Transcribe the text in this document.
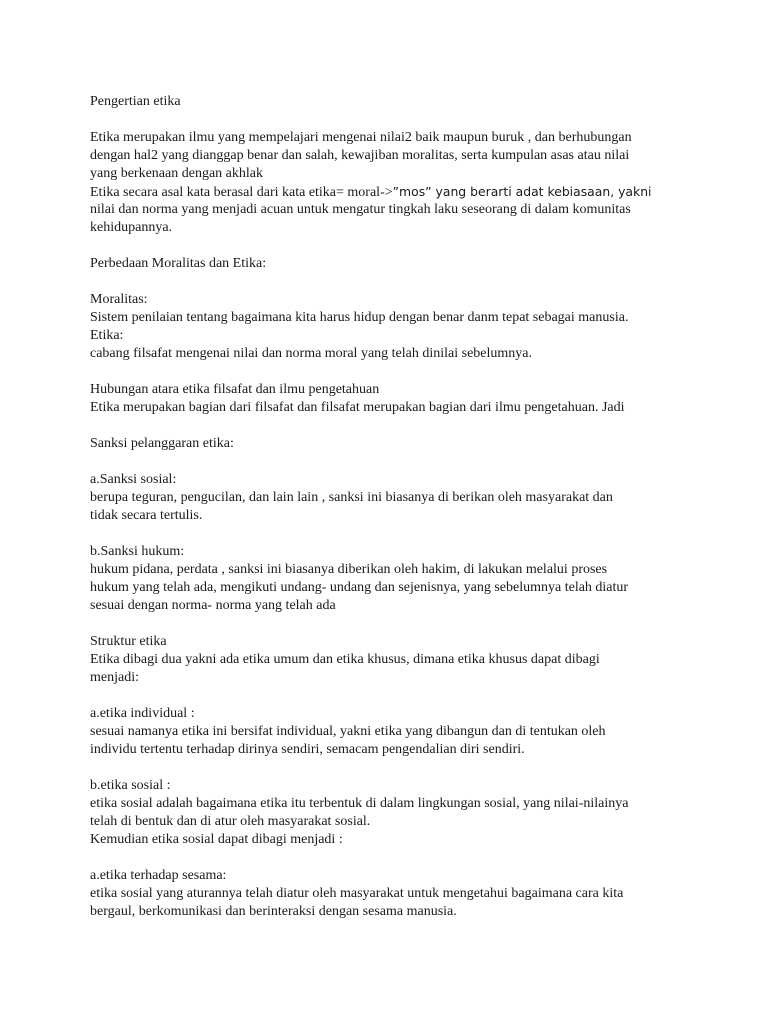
Pengertian etika
Etika merupakan ilmu yang mempelajari mengenai nilai2 baik maupun buruk , dan berhubungan
dengan hal2 yang dianggap benar dan salah, kewajiban moralitas, serta kumpulan asas atau nilai
yang berkenaan dengan akhlak
Etika secara asal kata berasal dari kata etika= moral->”mos” yang berarti adat kebiasaan, yakni
nilai dan norma yang menjadi acuan untuk mengatur tingkah laku seseorang di dalam komunitas
kehidupannya.
Perbedaan Moralitas dan Etika:
Moralitas:
Sistem penilaian tentang bagaimana kita harus hidup dengan benar danm tepat sebagai manusia.
Etika:
cabang filsafat mengenai nilai dan norma moral yang telah dinilai sebelumnya.
Hubungan atara etika filsafat dan ilmu pengetahuan
Etika merupakan bagian dari filsafat dan filsafat merupakan bagian dari ilmu pengetahuan. Jadi
Sanksi pelanggaran etika:
a.Sanksi sosial:
berupa teguran, pengucilan, dan lain lain , sanksi ini biasanya di berikan oleh masyarakat dan
tidak secara tertulis.
b.Sanksi hukum:
hukum pidana, perdata , sanksi ini biasanya diberikan oleh hakim, di lakukan melalui proses
hukum yang telah ada, mengikuti undang- undang dan sejenisnya, yang sebelumnya telah diatur
sesuai dengan norma- norma yang telah ada
Struktur etika
Etika dibagi dua yakni ada etika umum dan etika khusus, dimana etika khusus dapat dibagi
menjadi:
a.etika individual :
sesuai namanya etika ini bersifat individual, yakni etika yang dibangun dan di tentukan oleh
individu tertentu terhadap dirinya sendiri, semacam pengendalian diri sendiri.
b.etika sosial :
etika sosial adalah bagaimana etika itu terbentuk di dalam lingkungan sosial, yang nilai-nilainya
telah di bentuk dan di atur oleh masyarakat sosial.
Kemudian etika sosial dapat dibagi menjadi :
a.etika terhadap sesama:
etika sosial yang aturannya telah diatur oleh masyarakat untuk mengetahui bagaimana cara kita
bergaul, berkomunikasi dan berinteraksi dengan sesama manusia.
